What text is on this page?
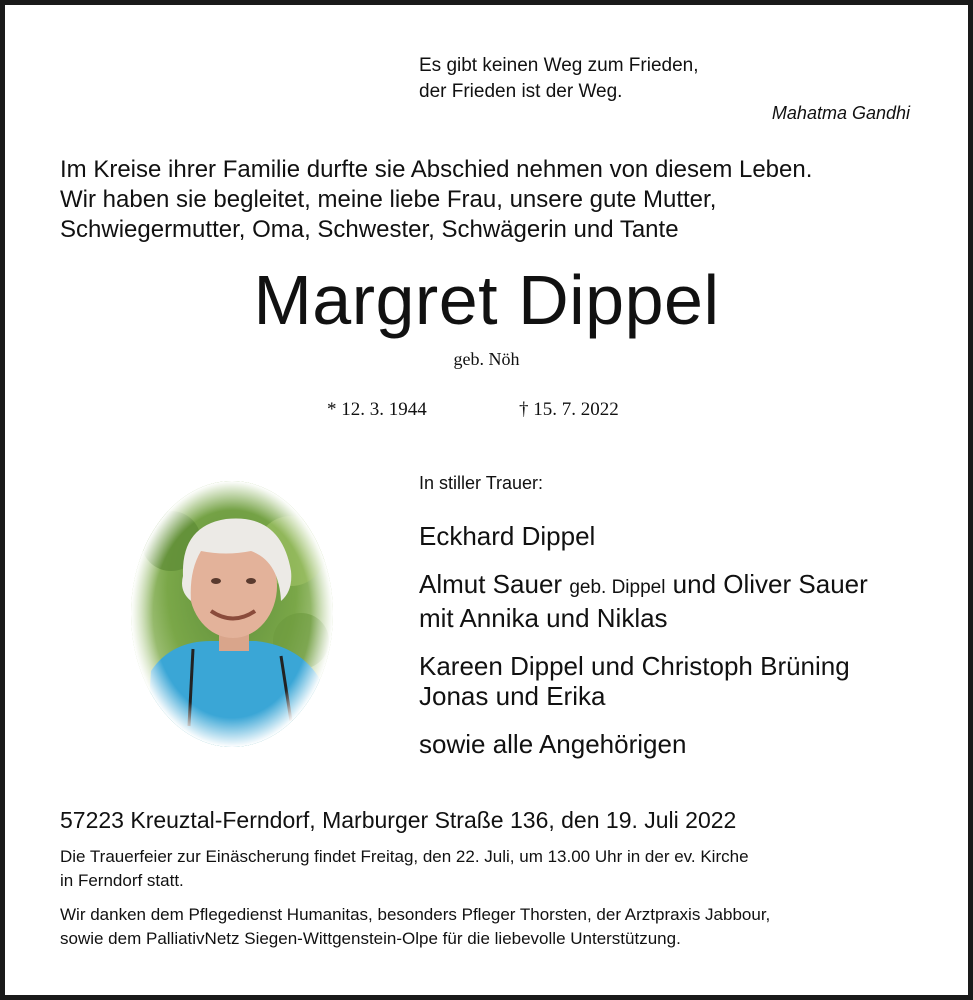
Es gibt keinen Weg zum Frieden,
der Frieden ist der Weg.
Mahatma Gandhi
Im Kreise ihrer Familie durfte sie Abschied nehmen von diesem Leben.
Wir haben sie begleitet, meine liebe Frau, unsere gute Mutter,
Schwiegermutter, Oma, Schwester, Schwägerin und Tante
Margret Dippel
geb. Nöh
* 12. 3. 1944	† 15. 7. 2022
In stiller Trauer:

Eckhard Dippel

Almut Sauer geb. Dippel und Oliver Sauer

mit Annika und Niklas

Kareen Dippel und Christoph Brüning

Jonas und Erika

sowie alle Angehörigen

57223 Kreuztal-Ferndorf, Marburger Straße 136, den 19. Juli 2022
Die Trauerfeier zur Einäscherung findet Freitag, den 22. Juli, um 13.00 Uhr in der ev. Kirche
in Ferndorf statt.
Wir danken dem Pflegedienst Humanitas, besonders Pfleger Thorsten, der Arztpraxis Jabbour,
sowie dem PalliativNetz Siegen-Wittgenstein-Olpe für die liebevolle Unterstützung.
